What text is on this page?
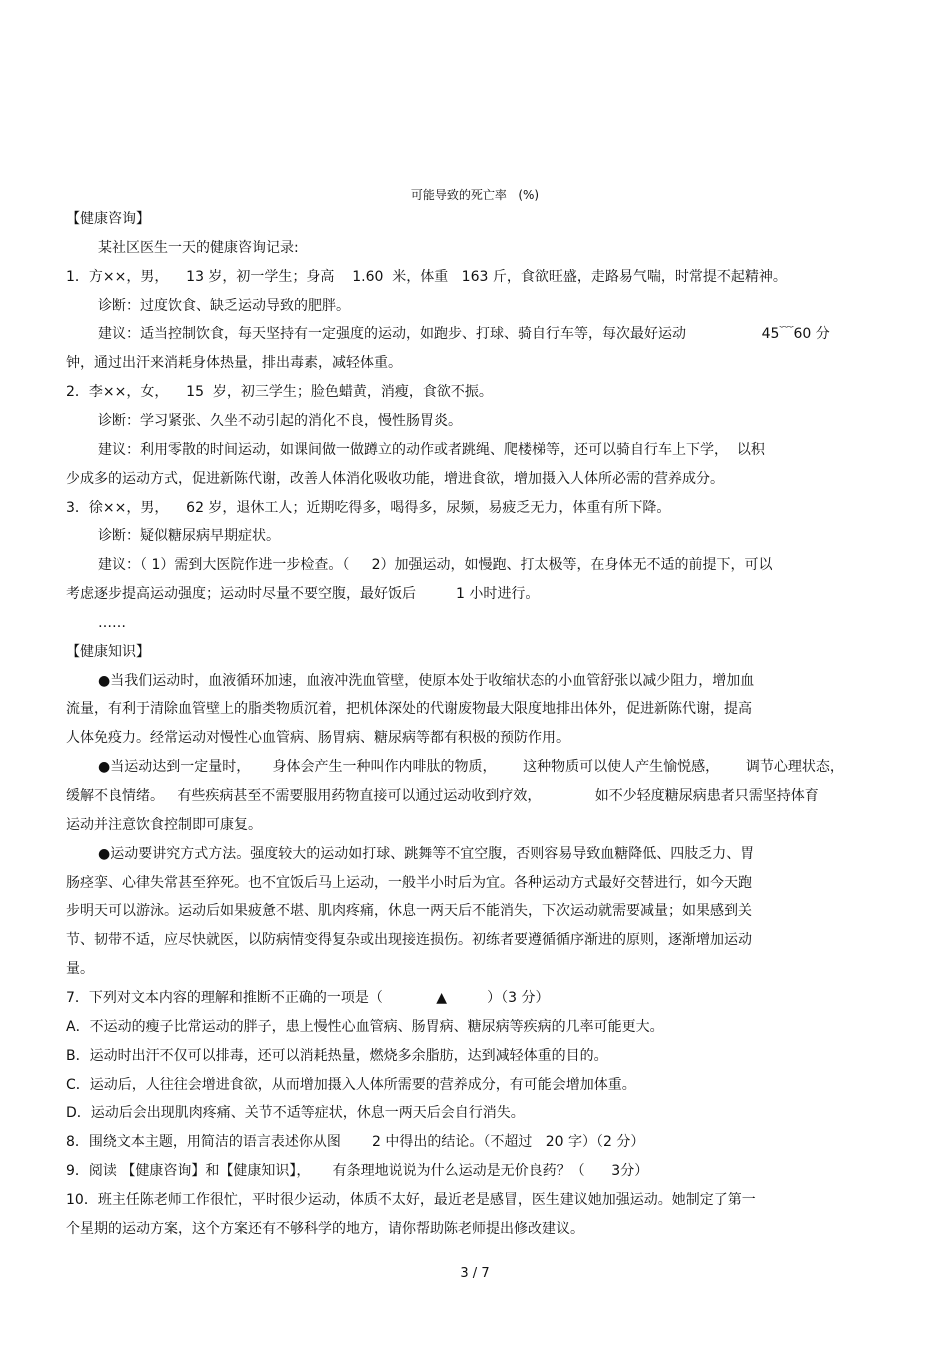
可能导致的死亡率   (%)
【健康咨询】
某社区医生一天的健康咨询记录:
1．方××，男，    13 岁，初一学生；身高    1.60  米，体重   163 斤，食欲旺盛，走路易气喘，时常提不起精神。
诊断：过度饮食、缺乏运动导致的肥胖。
建议：适当控制饮食，每天坚持有一定强度的运动，如跑步、打球、骑自行车等，每次最好运动                 45﹋60 分
钟，通过出汗来消耗身体热量，排出毒素，减轻体重。
2．李××，女，    15  岁，初三学生；脸色蜡黄，消瘦，食欲不振。
诊断：学习紧张、久坐不动引起的消化不良，慢性肠胃炎。
建议：利用零散的时间运动，如课间做一做蹲立的动作或者跳绳、爬楼梯等，还可以骑自行车上下学，  以积
少成多的运动方式，促进新陈代谢，改善人体消化吸收功能，增进食欲，增加摄入人体所必需的营养成分。
3．徐××，男，    62 岁，退休工人；近期吃得多，喝得多，尿频，易疲乏无力，体重有所下降。
诊断：疑似糖尿病早期症状。
建议：（ 1）需到大医院作进一步检查。（     2）加强运动，如慢跑、打太极等，在身体无不适的前提下，可以
考虑逐步提高运动强度；运动时尽量不要空腹，最好饭后         1 小时进行。
……
【健康知识】
●当我们运动时，血液循环加速，血液冲洗血管壁，使原本处于收缩状态的小血管舒张以减少阻力，增加血
流量，有利于清除血管壁上的脂类物质沉着，把机体深处的代谢废物最大限度地排出体外，促进新陈代谢，提高
人体免疫力。经常运动对慢性心血管病、肠胃病、糖尿病等都有积极的预防作用。
●当运动达到一定量时，     身体会产生一种叫作内啡肽的物质，      这种物质可以使人产生愉悦感，      调节心理状态，
缓解不良情绪。   有些疾病甚至不需要服用药物直接可以通过运动收到疗效，            如不少轻度糖尿病患者只需坚持体育
运动并注意饮食控制即可康复。
●运动要讲究方式方法。强度较大的运动如打球、跳舞等不宜空腹，否则容易导致血糖降低、四肢乏力、胃
肠痉挛、心律失常甚至猝死。也不宜饭后马上运动，一般半小时后为宜。各种运动方式最好交替进行，如今天跑
步明天可以游泳。运动后如果疲惫不堪、肌肉疼痛，休息一两天后不能消失，下次运动就需要减量；如果感到关
节、韧带不适，应尽快就医，以防病情变得复杂或出现接连损伤。初练者要遵循循序渐进的原则，逐渐增加运动
量。
7．下列对文本内容的理解和推断不正确的一项是（            ▲         ）（3 分）
A．不运动的瘦子比常运动的胖子，患上慢性心血管病、肠胃病、糖尿病等疾病的几率可能更大。
B．运动时出汗不仅可以排毒，还可以消耗热量，燃烧多余脂肪，达到减轻体重的目的。
C．运动后，人往往会增进食欲，从而增加摄入人体所需要的营养成分，有可能会增加体重。
D．运动后会出现肌肉疼痛、关节不适等症状，休息一两天后会自行消失。
8．围绕文本主题，用简洁的语言表述你从图       2 中得出的结论。（不超过   20 字）（2 分）
9．阅读 【健康咨询】和【健康知识】，     有条理地说说为什么运动是无价良药？（      3分）
10．班主任陈老师工作很忙，平时很少运动，体质不太好，最近老是感冒，医生建议她加强运动。她制定了第一
个星期的运动方案，这个方案还有不够科学的地方，请你帮助陈老师提出修改建议。
3 / 7
